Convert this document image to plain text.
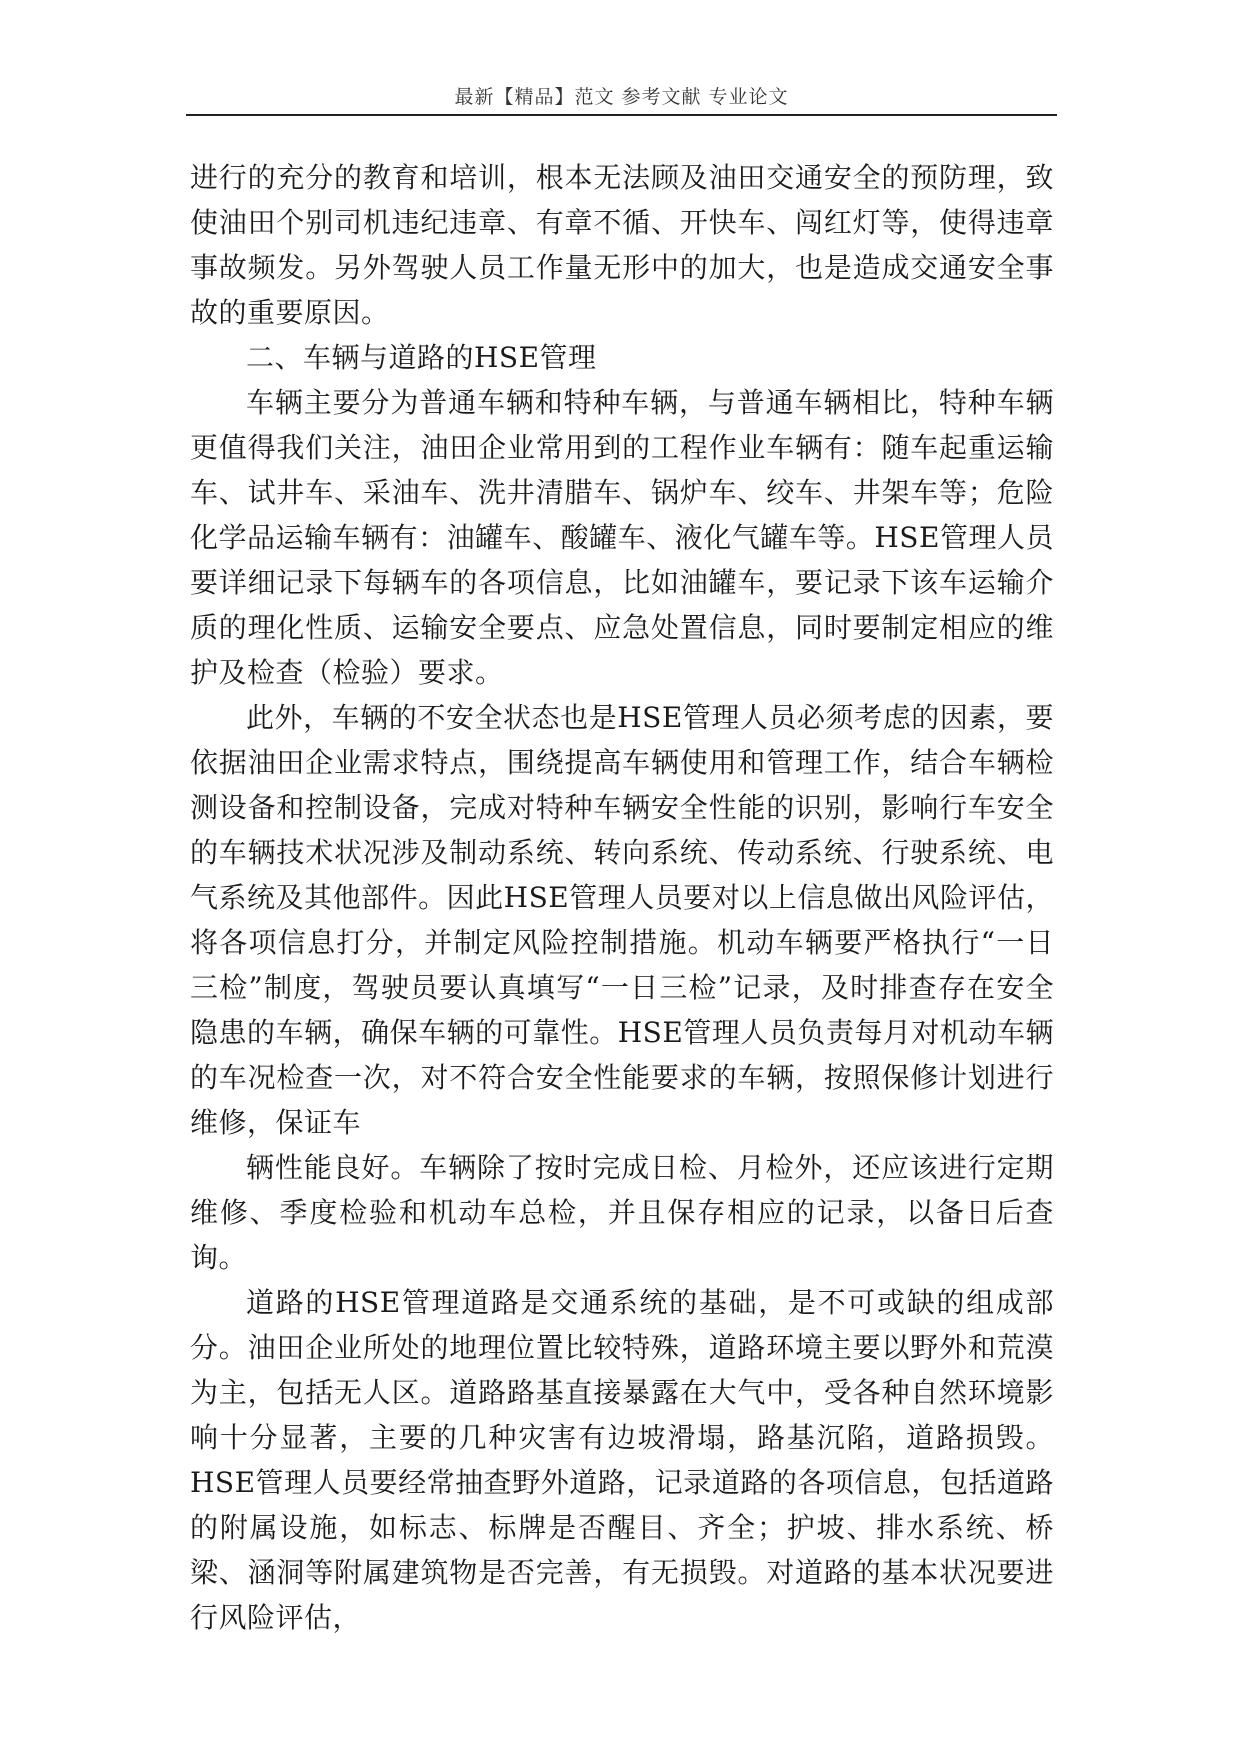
最新【精品】范文 参考文献 专业论文

进行的充分的教育和培训，根本无法顾及油田交通安全的预防理，致使油田个别司机违纪违章、有章不循、开快车、闯红灯等，使得违章事故频发。另外驾驶人员工作量无形中的加大，也是造成交通安全事故的重要原因。

二、车辆与道路的HSE管理

车辆主要分为普通车辆和特种车辆，与普通车辆相比，特种车辆更值得我们关注，油田企业常用到的工程作业车辆有：随车起重运输车、试井车、采油车、洗井清腊车、锅炉车、绞车、井架车等；危险化学品运输车辆有：油罐车、酸罐车、液化气罐车等。HSE管理人员要详细记录下每辆车的各项信息，比如油罐车，要记录下该车运输介质的理化性质、运输安全要点、应急处置信息，同时要制定相应的维护及检查（检验）要求。

此外，车辆的不安全状态也是HSE管理人员必须考虑的因素，要依据油田企业需求特点，围绕提高车辆使用和管理工作，结合车辆检测设备和控制设备，完成对特种车辆安全性能的识别，影响行车安全的车辆技术状况涉及制动系统、转向系统、传动系统、行驶系统、电气系统及其他部件。因此HSE管理人员要对以上信息做出风险评估，将各项信息打分，并制定风险控制措施。机动车辆要严格执行“一日三检”制度，驾驶员要认真填写“一日三检”记录，及时排查存在安全隐患的车辆，确保车辆的可靠性。HSE管理人员负责每月对机动车辆的车况检查一次，对不符合安全性能要求的车辆，按照保修计划进行维修，保证车

辆性能良好。车辆除了按时完成日检、月检外，还应该进行定期维修、季度检验和机动车总检，并且保存相应的记录，以备日后查询。

道路的HSE管理道路是交通系统的基础，是不可或缺的组成部分。油田企业所处的地理位置比较特殊，道路环境主要以野外和荒漠为主，包括无人区。道路路基直接暴露在大气中，受各种自然环境影响十分显著，主要的几种灾害有边坡滑塌，路基沉陷，道路损毁。HSE管理人员要经常抽查野外道路，记录道路的各项信息，包括道路的附属设施，如标志、标牌是否醒目、齐全；护坡、排水系统、桥梁、涵洞等附属建筑物是否完善，有无损毁。对道路的基本状况要进行风险评估，
